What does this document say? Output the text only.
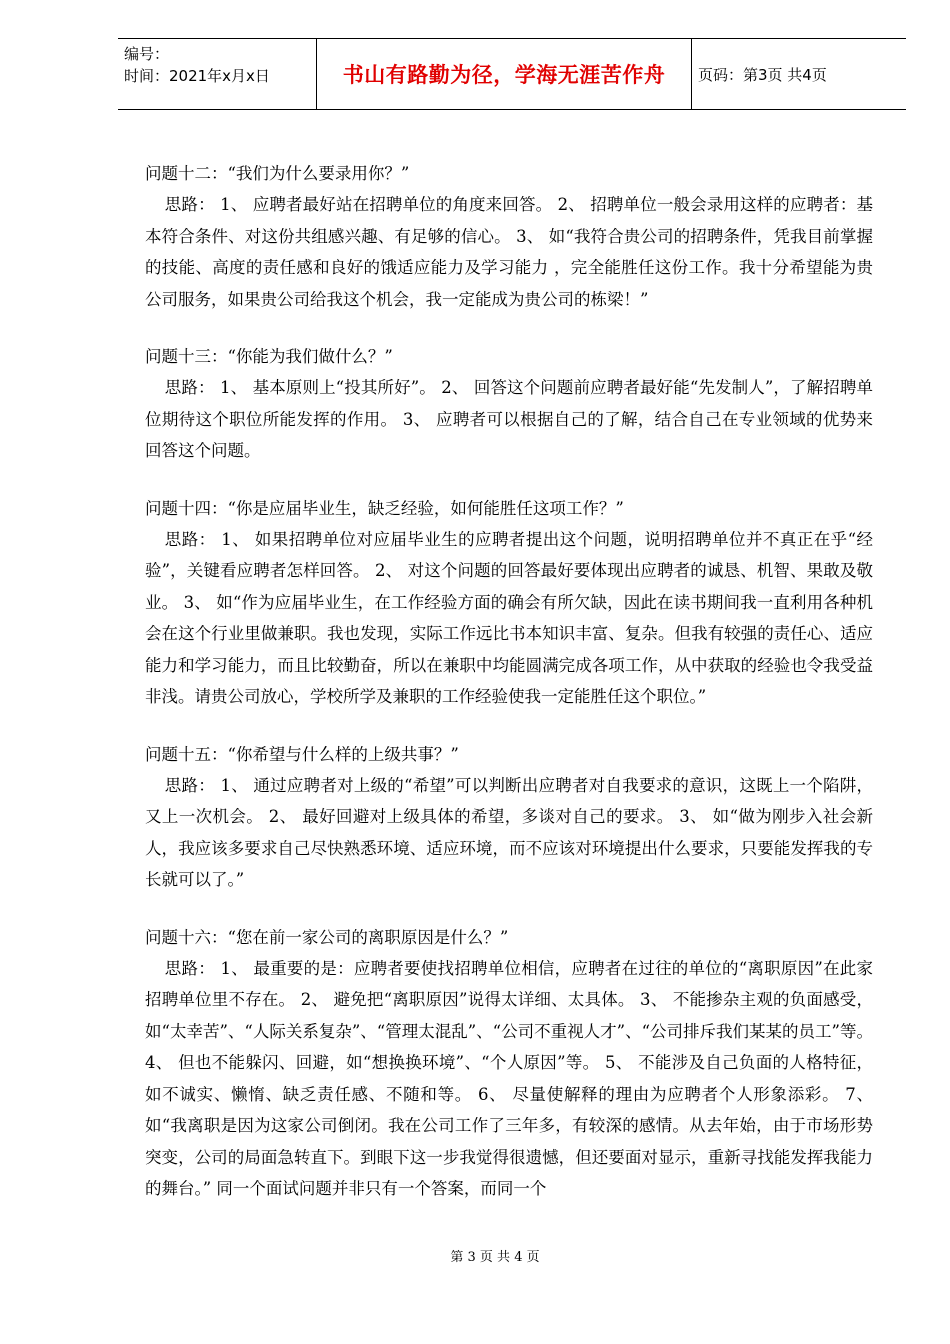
编号：
时间：2021年x月x日	书山有路勤为径，学海无涯苦作舟 页码：第3页 共4页

问题十二：“我们为什么要录用你？”

思路： 1、 应聘者最好站在招聘单位的角度来回答。 2、 招聘单位一般会录用这样的应聘者：基本符合条件、对这份共组感兴趣、有足够的信心。 3、 如“我符合贵公司的招聘条件，凭我目前掌握的技能、高度的责任感和良好的饿适应能力及学习能力 ，完全能胜任这份工作。我十分希望能为贵 公司服务，如果贵公司给我这个机会，我一定能成为贵公司的栋梁！”

问题十三：“你能为我们做什么？”

思路： 1、 基本原则上“投其所好”。 2、 回答这个问题前应聘者最好能“先发制人”，了解招聘单位期待这个职位所能发挥的作用。 3、 应聘者可以根据自己的了解，结合自己在专业领域的优势来回答这个问题。

问题十四：“你是应届毕业生，缺乏经验，如何能胜任这项工作？”

思路： 1、 如果招聘单位对应届毕业生的应聘者提出这个问题，说明招聘单位并不真正在乎“经验”，关键看应聘者怎样回答。 2、 对这个问题的回答最好要体现出应聘者的诚恳、机智、果敢及敬业。 3、 如“作为应届毕业生，在工作经验方面的确会有所欠缺，因此在读书期间我一直利用各种机会在这个行业里做兼职。我也发现，实际工作远比书本知识丰富、复杂。但我有较强的责任心、适应能力和学习能力，而且比较勤奋，所以在兼职中均能圆满完成各项工作，从中获取的经验也令我受益非浅。请贵公司放心，学校所学及兼职的工作经验使我一定能胜任这个职位。”

问题十五：“你希望与什么样的上级共事？”

思路： 1、 通过应聘者对上级的“希望”可以判断出应聘者对自我要求的意识，这既上一个陷阱，又上一次机会。 2、 最好回避对上级具体的希望，多谈对自己的要求。 3、 如“做为刚步入社会新人，我应该多要求自己尽快熟悉环境、适应环境，而不应该对环境提出什么要求，只要能发挥我的专长就可以了。”

问题十六：“您在前一家公司的离职原因是什么？”

思路： 1、 最重要的是：应聘者要使找招聘单位相信，应聘者在过往的单位的“离职原因”在此家招聘单位里不存在。 2、 避免把“离职原因”说得太详细、太具体。 3、 不能掺杂主观的负面感受，如“太幸苦”、“人际关系复杂”、“管理太混乱”、“公司不重视人才”、“公司排斥我们某某的员工”等。 4、 但也不能躲闪、回避，如“想换换环境”、“个人原因”等。 5、 不能涉及自己负面的人格特征，如不诚实、懒惰、缺乏责任感、不随和等。 6、 尽量使解释的理由为应聘者个人形象添彩。 7、 如“我离职是因为这家公司倒闭。我在公司工作了三年多，有较深的感情。从去年始，由于市场形势突变，公司的局面急转直下。到眼下这一步我觉得很遗憾，但还要面对显示，重新寻找能发挥我能力的舞台。” 同一个面试问题并非只有一个答案，而同一个

第 3 页 共 4 页
